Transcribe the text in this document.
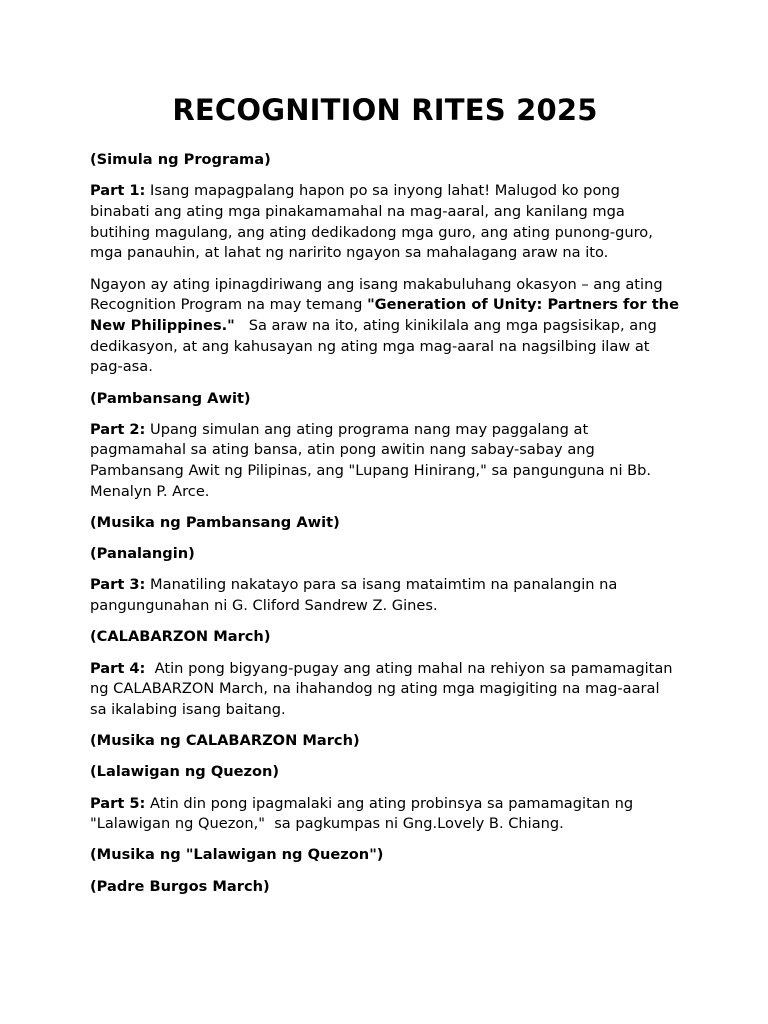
RECOGNITION RITES 2025

(Simula ng Programa)

Part 1: Isang mapagpalang hapon po sa inyong lahat! Malugod ko pong binabati ang ating mga pinakamamahal na mag-aaral, ang kanilang mga butihing magulang, ang ating dedikadong mga guro, ang ating punong-guro, mga panauhin, at lahat ng naririto ngayon sa mahalagang araw na ito.

Ngayon ay ating ipinagdiriwang ang isang makabuluhang okasyon – ang ating Recognition Program na may temang "Generation of Unity: Partners for the New Philippines."   Sa araw na ito, ating kinikilala ang mga pagsisikap, ang dedikasyon, at ang kahusayan ng ating mga mag-aaral na nagsilbing ilaw at pag-asa.

(Pambansang Awit)

Part 2: Upang simulan ang ating programa nang may paggalang at pagmamahal sa ating bansa, atin pong awitin nang sabay-sabay ang Pambansang Awit ng Pilipinas, ang "Lupang Hinirang," sa pangunguna ni Bb. Menalyn P. Arce.

(Musika ng Pambansang Awit)

(Panalangin)

Part 3: Manatiling nakatayo para sa isang mataimtim na panalangin na pangungunahan ni G. Cliford Sandrew Z. Gines.

(CALABARZON March)

Part 4:  Atin pong bigyang-pugay ang ating mahal na rehiyon sa pamamagitan ng CALABARZON March, na ihahandog ng ating mga magigiting na mag-aaral sa ikalabing isang baitang.

(Musika ng CALABARZON March)

(Lalawigan ng Quezon)

Part 5: Atin din pong ipagmalaki ang ating probinsya sa pamamagitan ng "Lalawigan ng Quezon,"  sa pagkumpas ni Gng.Lovely B. Chiang.

(Musika ng "Lalawigan ng Quezon")

(Padre Burgos March)
